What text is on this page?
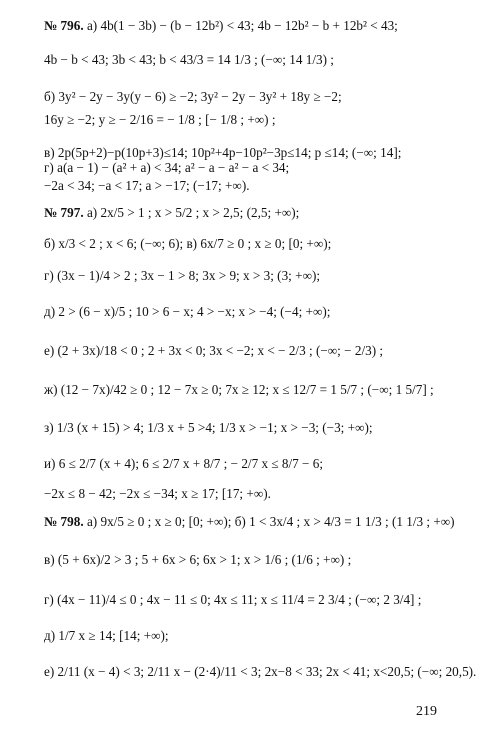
№ 796. а) 4b(1 − 3b) − (b − 12b²) < 43; 4b − 12b² − b + 12b² < 43;
4b − b < 43; 3b < 43; b < 43/3 = 14 1/3 ; (−∞; 14 1/3) ;
б) 3y² − 2y − 3y(y − 6) ≥ −2; 3y² − 2y − 3y² + 18y ≥ −2;
16y ≥ −2; y ≥ − 2/16 = − 1/8 ; [− 1/8 ; +∞) ;
в) 2p(5p+2)−p(10p+3)≤14; 10p²+4p−10p²−3p≤14; p ≤14; (−∞; 14];
г) a(a − 1) − (a² + a) < 34; a² − a − a² − a < 34;
−2a < 34; −a < 17; a > −17; (−17; +∞).
№ 797. а) 2x/5 > 1 ; x > 5/2 ; x > 2,5; (2,5; +∞);
б) x/3 < 2 ; x < 6; (−∞; 6); в) 6x/7 ≥ 0 ; x ≥ 0; [0; +∞);
г) (3x − 1)/4 > 2 ; 3x − 1 > 8; 3x > 9; x > 3; (3; +∞);
д) 2 > (6 − x)/5 ; 10 > 6 − x; 4 > −x; x > −4; (−4; +∞);
е) (2 + 3x)/18 < 0 ; 2 + 3x < 0; 3x < −2; x < − 2/3 ; (−∞; − 2/3) ;
ж) (12 − 7x)/42 ≥ 0 ; 12 − 7x ≥ 0; 7x ≥ 12; x ≤ 12/7 = 1 5/7 ; (−∞; 1 5/7] ;
з) 1/3 (x + 15) > 4; 1/3 x + 5 >4; 1/3 x > −1; x > −3; (−3; +∞);
и) 6 ≤ 2/7 (x + 4); 6 ≤ 2/7 x + 8/7 ; − 2/7 x ≤ 8/7 − 6;
−2x ≤ 8 − 42; −2x ≤ −34; x ≥ 17; [17; +∞).
№ 798. а) 9x/5 ≥ 0 ; x ≥ 0; [0; +∞); б) 1 < 3x/4 ; x > 4/3 = 1 1/3 ; (1 1/3 ; +∞)
в) (5 + 6x)/2 > 3 ; 5 + 6x > 6; 6x > 1; x > 1/6 ; (1/6 ; +∞) ;
г) (4x − 11)/4 ≤ 0 ; 4x − 11 ≤ 0; 4x ≤ 11; x ≤ 11/4 = 2 3/4 ; (−∞; 2 3/4] ;
д) 1/7 x ≥ 14; [14; +∞);
е) 2/11 (x − 4) < 3; 2/11 x − (2·4)/11 < 3; 2x−8 < 33; 2x < 41; x<20,5; (−∞; 20,5).
219
